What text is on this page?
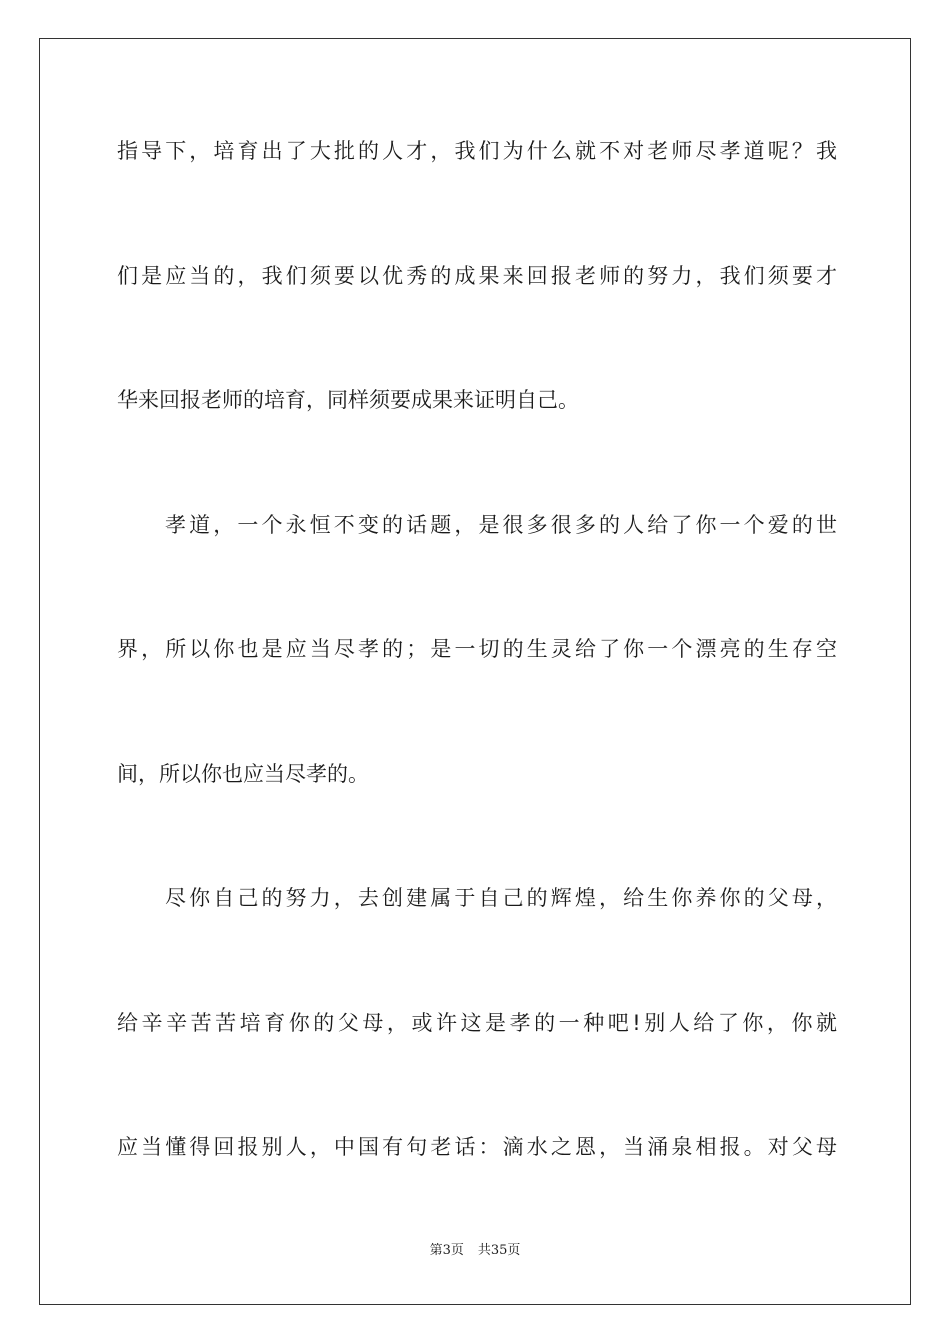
指导下，培育出了大批的人才，我们为什么就不对老师尽孝道呢？我
们是应当的，我们须要以优秀的成果来回报老师的努力，我们须要才
华来回报老师的培育，同样须要成果来证明自己。
孝道，一个永恒不变的话题，是很多很多的人给了你一个爱的世
界，所以你也是应当尽孝的；是一切的生灵给了你一个漂亮的生存空
间，所以你也应当尽孝的。
尽你自己的努力，去创建属于自己的辉煌，给生你养你的父母，
给辛辛苦苦培育你的父母，或许这是孝的一种吧!别人给了你，你就
应当懂得回报别人，中国有句老话：滴水之恩，当涌泉相报。对父母
第3页 共35页
